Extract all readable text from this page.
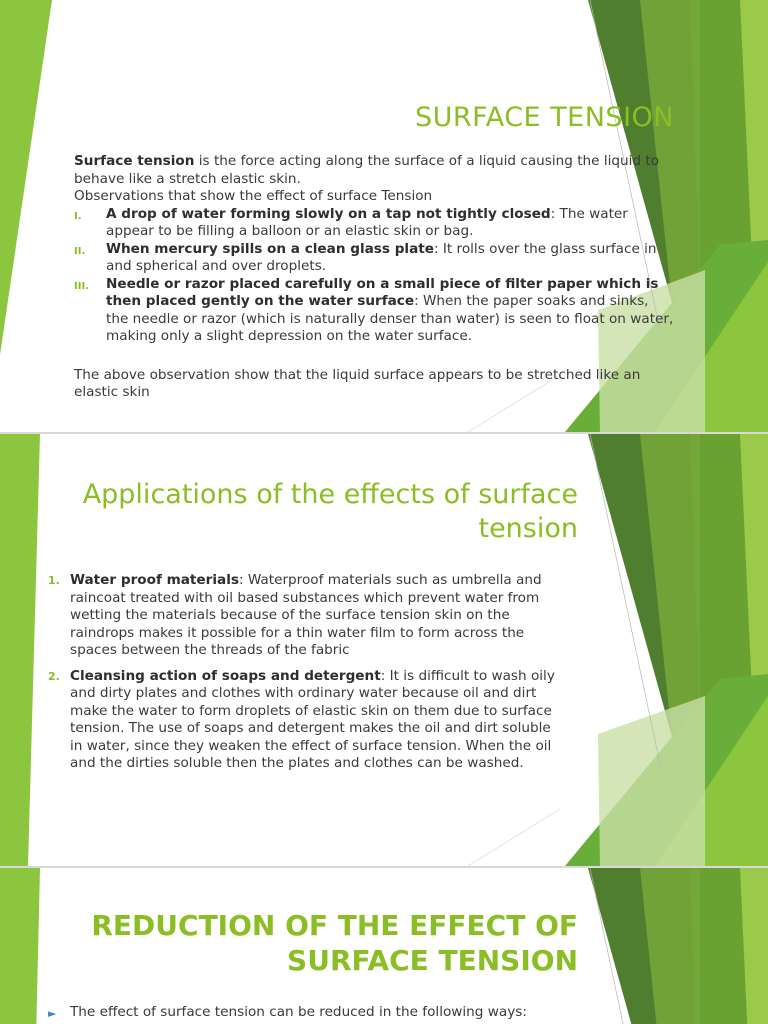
SURFACE TENSION

Surface tension is the force acting along the surface of a liquid causing the liquid to behave like a stretch elastic skin.

Observations that show the effect of surface Tension

I. A drop of water forming slowly on a tap not tightly closed: The water appear to be filling a balloon or an elastic skin or bag.
II. When mercury spills on a clean glass plate: It rolls over the glass surface in and spherical and over droplets.
III. Needle or razor placed carefully on a small piece of filter paper which is then placed gently on the water surface: When the paper soaks and sinks, the needle or razor (which is naturally denser than water) is seen to float on water, making only a slight depression on the water surface.

The above observation show that the liquid surface appears to be stretched like an elastic skin

Applications of the effects of surface tension
1. Water proof materials: Waterproof materials such as umbrella and raincoat treated with oil based substances which prevent water from wetting the materials because of the surface tension skin on the raindrops makes it possible for a thin water film to form across the spaces between the threads of the fabric
2. Cleansing action of soaps and detergent: It is difficult to wash oily and dirty plates and clothes with ordinary water because oil and dirt make the water to form droplets of elastic skin on them due to surface tension. The use of soaps and detergent makes the oil and dirt soluble in water, since they weaken the effect of surface tension. When the oil and the dirties soluble then the plates and clothes can be washed.
REDUCTION OF THE EFFECT OF SURFACE TENSION
► The effect of surface tension can be reduced in the following ways:
